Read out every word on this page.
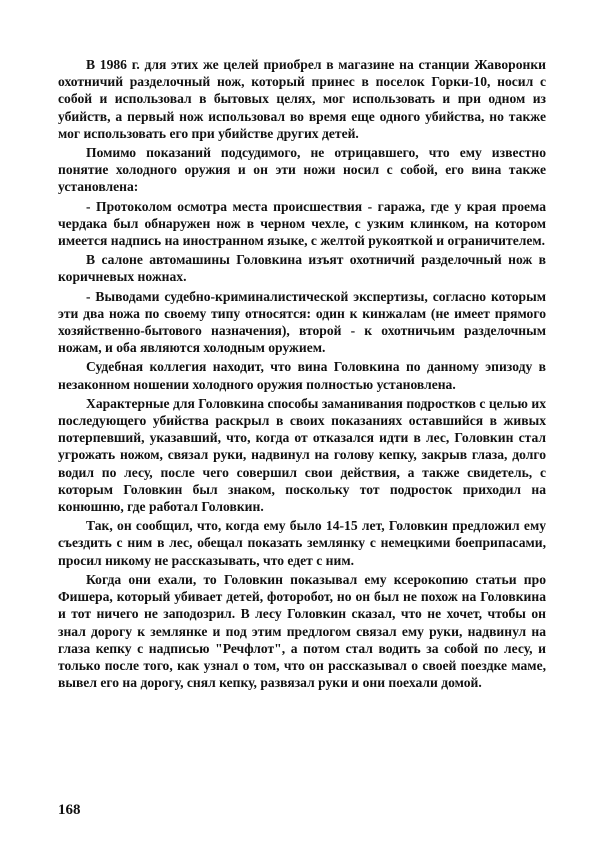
В 1986 г. для этих же целей приобрел в магазине на станции Жаворонки охотничий разделочный нож, который принес в поселок Горки-10, носил с собой и использовал в бытовых целях, мог использовать и при одном из убийств, а первый нож использовал во время еще одного убийства, но также мог использовать его при убийстве других детей.

Помимо показаний подсудимого, не отрицавшего, что ему известно понятие холодного оружия и он эти ножи носил с собой, его вина также установлена:

- Протоколом осмотра места происшествия - гаража, где у края проема чердака был обнаружен нож в черном чехле, с узким клинком, на котором имеется надпись на иностранном языке, с желтой рукояткой и ограничителем.

В салоне автомашины Головкина изъят охотничий разделочный нож в коричневых ножнах.

- Выводами судебно-криминалистической экспертизы, согласно которым эти два ножа по своему типу относятся: один к кинжалам (не имеет прямого хозяйственно-бытового назначения), второй - к охотничьим разделочным ножам, и оба являются холодным оружием.

Судебная коллегия находит, что вина Головкина по данному эпизоду в незаконном ношении холодного оружия полностью установлена.

Характерные для Головкина способы заманивания подростков с целью их последующего убийства раскрыл в своих показаниях оставшийся в живых потерпевший, указавший, что, когда от отказался идти в лес, Головкин стал угрожать ножом, связал руки, надвинул на голову кепку, закрыв глаза, долго водил по лесу, после чего совершил свои действия, а также свидетель, с которым Головкин был знаком, поскольку тот подросток приходил на конюшню, где работал Головкин.

Так, он сообщил, что, когда ему было 14-15 лет, Головкин предложил ему съездить с ним в лес, обещал показать землянку с немецкими боеприпасами, просил никому не рассказывать, что едет с ним.

Когда они ехали, то Головкин показывал ему ксерокопию статьи про Фишера, который убивает детей, фоторобот, но он был не похож на Головкина и тот ничего не заподозрил. В лесу Головкин сказал, что не хочет, чтобы он знал дорогу к землянке и под этим предлогом связал ему руки, надвинул на глаза кепку с надписью "Речфлот", а потом стал водить за собой по лесу, и только после того, как узнал о том, что он рассказывал о своей поездке маме, вывел его на дорогу, снял кепку, развязал руки и они поехали домой.

168
